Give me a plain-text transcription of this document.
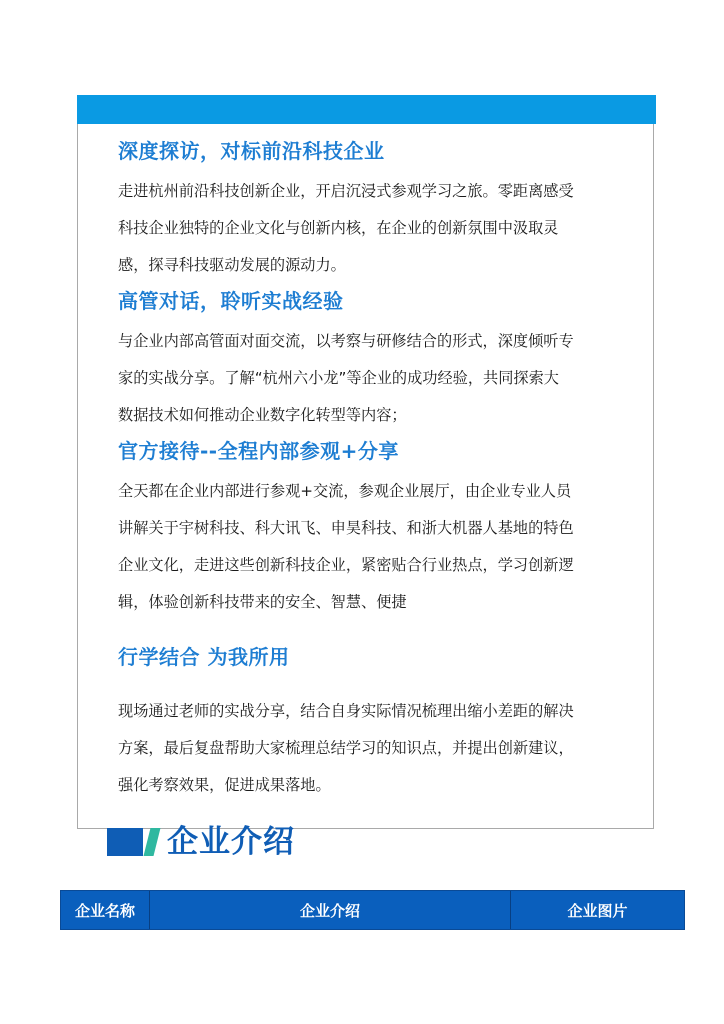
深度探访，对标前沿科技企业
走进杭州前沿科技创新企业，开启沉浸式参观学习之旅。零距离感受
科技企业独特的企业文化与创新内核，在企业的创新氛围中汲取灵
感，探寻科技驱动发展的源动力。
高管对话，聆听实战经验
与企业内部高管面对面交流，以考察与研修结合的形式，深度倾听专
家的实战分享。了解“杭州六小龙”等企业的成功经验，共同探索大
数据技术如何推动企业数字化转型等内容；
官方接待--全程内部参观+分享
全天都在企业内部进行参观+交流，参观企业展厅，由企业专业人员
讲解关于宇树科技、科大讯飞、申昊科技、和浙大机器人基地的特色
企业文化，走进这些创新科技企业，紧密贴合行业热点，学习创新逻
辑，体验创新科技带来的安全、智慧、便捷
行学结合 为我所用
现场通过老师的实战分享，结合自身实际情况梳理出缩小差距的解决
方案，最后复盘帮助大家梳理总结学习的知识点，并提出创新建议，
强化考察效果，促进成果落地。
企业介绍
企业名称	企业介绍	企业图片
